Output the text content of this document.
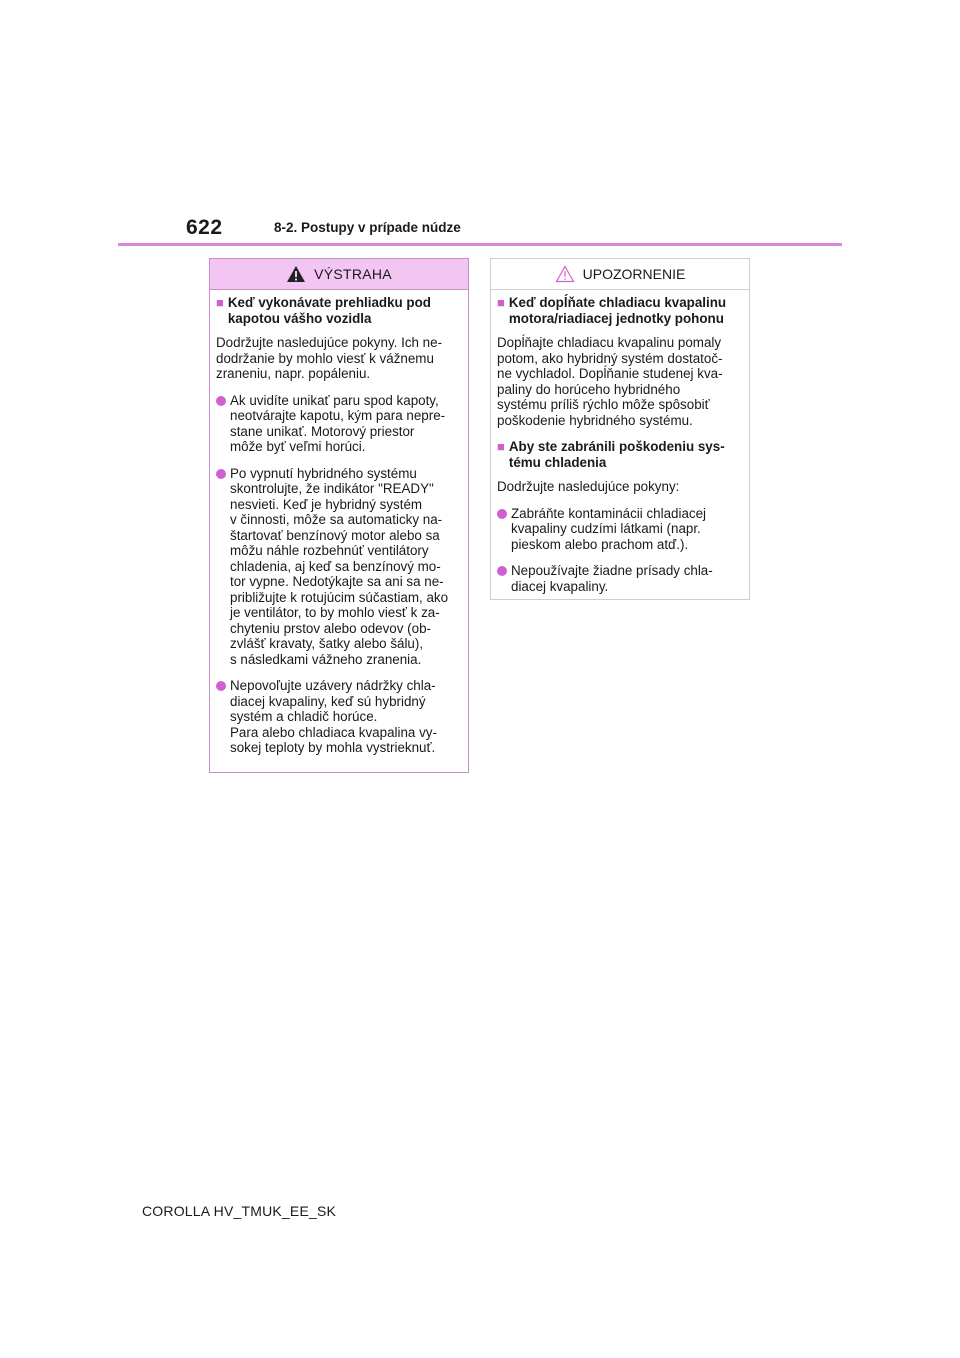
622	8-2. Postupy v prípade núdze
VÝSTRAHA
■ Keď vykonávate prehliadku pod
kapotou vášho vozidla
Dodržujte nasledujúce pokyny. Ich ne-
dodržanie by mohlo viesť k vážnemu
zraneniu, napr. popáleniu.
Ak uvidíte unikať paru spod kapoty,
neotvárajte kapotu, kým para nepre-
stane unikať. Motorový priestor
môže byť veľmi horúci.
Po vypnutí hybridného systému
skontrolujte, že indikátor "READY"
nesvieti. Keď je hybridný systém
v činnosti, môže sa automaticky na-
štartovať benzínový motor alebo sa
môžu náhle rozbehnúť ventilátory
chladenia, aj keď sa benzínový mo-
tor vypne. Nedotýkajte sa ani sa ne-
približujte k rotujúcim súčastiam, ako
je ventilátor, to by mohlo viesť k za-
chyteniu prstov alebo odevov (ob-
zvlášť kravaty, šatky alebo šálu),
s následkami vážneho zranenia.
Nepovoľujte uzávery nádržky chla-
diacej kvapaliny, keď sú hybridný
systém a chladič horúce.
Para alebo chladiaca kvapalina vy-
sokej teploty by mohla vystrieknuť.
UPOZORNENIE
■ Keď dopĺňate chladiacu kvapalinu
motora/riadiacej jednotky pohonu
Dopĺňajte chladiacu kvapalinu pomaly
potom, ako hybridný systém dostatoč-
ne vychladol. Dopĺňanie studenej kva-
paliny do horúceho hybridného
systému príliš rýchlo môže spôsobiť
poškodenie hybridného systému.
■ Aby ste zabránili poškodeniu sys-
tému chladenia
Dodržujte nasledujúce pokyny:
Zabráňte kontaminácii chladiacej
kvapaliny cudzími látkami (napr.
pieskom alebo prachom atď.).
Nepoužívajte žiadne prísady chla-
diacej kvapaliny.
COROLLA HV_TMUK_EE_SK
